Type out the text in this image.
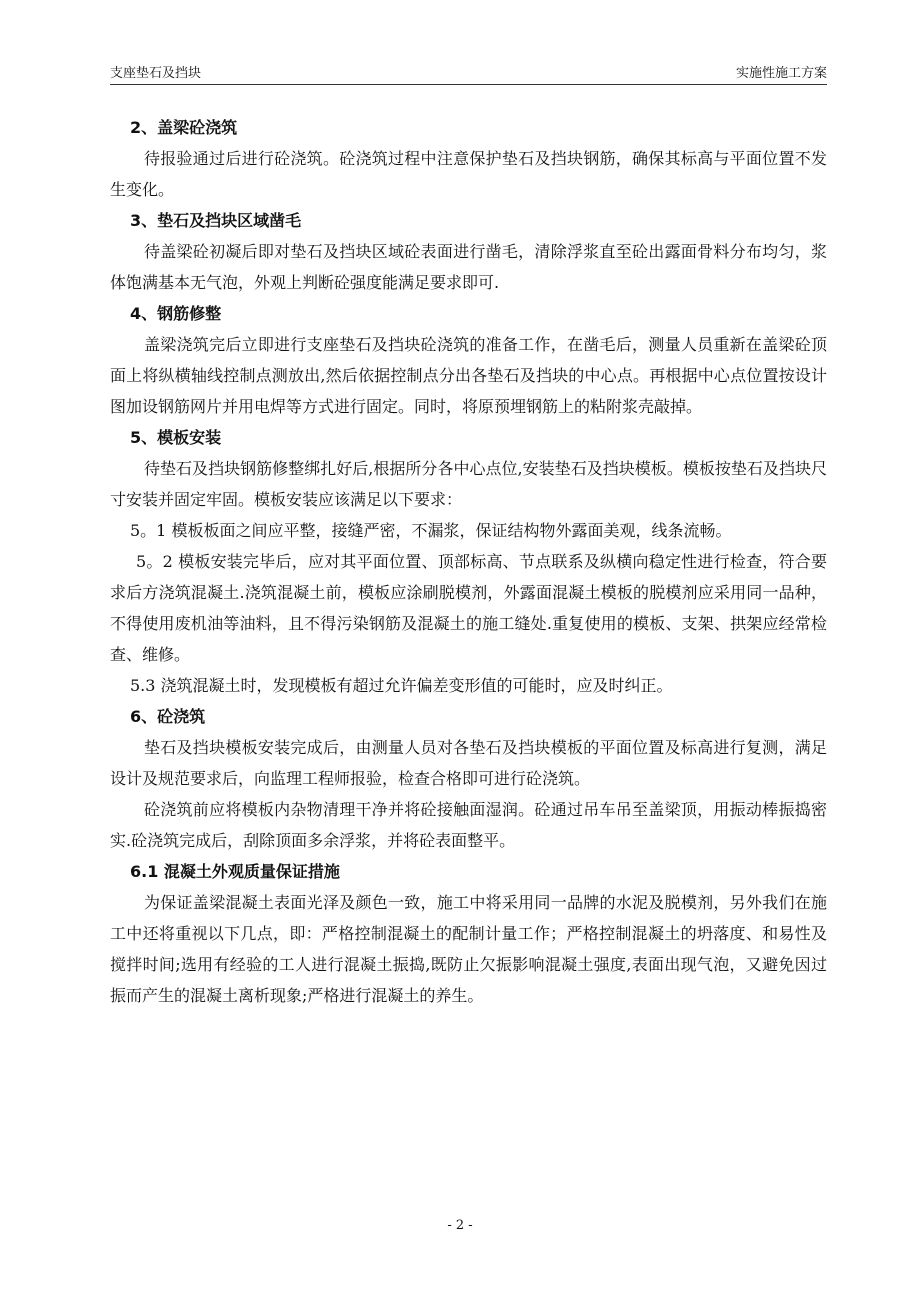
支座垫石及挡块	实施性施工方案

2、盖梁砼浇筑

待报验通过后进行砼浇筑。砼浇筑过程中注意保护垫石及挡块钢筋，确保其标高与平面位置不发生变化。

3、垫石及挡块区域凿毛

待盖梁砼初凝后即对垫石及挡块区域砼表面进行凿毛，清除浮浆直至砼出露面骨料分布均匀，浆体饱满基本无气泡，外观上判断砼强度能满足要求即可.

4、钢筋修整

盖梁浇筑完后立即进行支座垫石及挡块砼浇筑的准备工作，在凿毛后，测量人员重新在盖梁砼顶面上将纵横轴线控制点测放出,然后依据控制点分出各垫石及挡块的中心点。再根据中心点位置按设计图加设钢筋网片并用电焊等方式进行固定。同时，将原预埋钢筋上的粘附浆壳敲掉。

5、模板安装

待垫石及挡块钢筋修整绑扎好后,根据所分各中心点位,安装垫石及挡块模板。模板按垫石及挡块尺寸安装并固定牢固。模板安装应该满足以下要求：

5。1 模板板面之间应平整，接缝严密，不漏浆，保证结构物外露面美观，线条流畅。

5。2 模板安装完毕后，应对其平面位置、顶部标高、节点联系及纵横向稳定性进行检查，符合要求后方浇筑混凝土.浇筑混凝土前，模板应涂刷脱模剂，外露面混凝土模板的脱模剂应采用同一品种，不得使用废机油等油料，且不得污染钢筋及混凝土的施工缝处.重复使用的模板、支架、拱架应经常检查、维修。

5.3 浇筑混凝土时，发现模板有超过允许偏差变形值的可能时，应及时纠正。

6、砼浇筑

垫石及挡块模板安装完成后，由测量人员对各垫石及挡块模板的平面位置及标高进行复测，满足设计及规范要求后，向监理工程师报验，检查合格即可进行砼浇筑。

砼浇筑前应将模板内杂物清理干净并将砼接触面湿润。砼通过吊车吊至盖梁顶，用振动棒振捣密实.砼浇筑完成后，刮除顶面多余浮浆，并将砼表面整平。

6.1 混凝土外观质量保证措施

为保证盖梁混凝土表面光泽及颜色一致，施工中将采用同一品牌的水泥及脱模剂，另外我们在施工中还将重视以下几点，即：严格控制混凝土的配制计量工作；严格控制混凝土的坍落度、和易性及搅拌时间;选用有经验的工人进行混凝土振捣,既防止欠振影响混凝土强度,表面出现气泡，又避免因过振而产生的混凝土离析现象;严格进行混凝土的养生。

- 2 -
